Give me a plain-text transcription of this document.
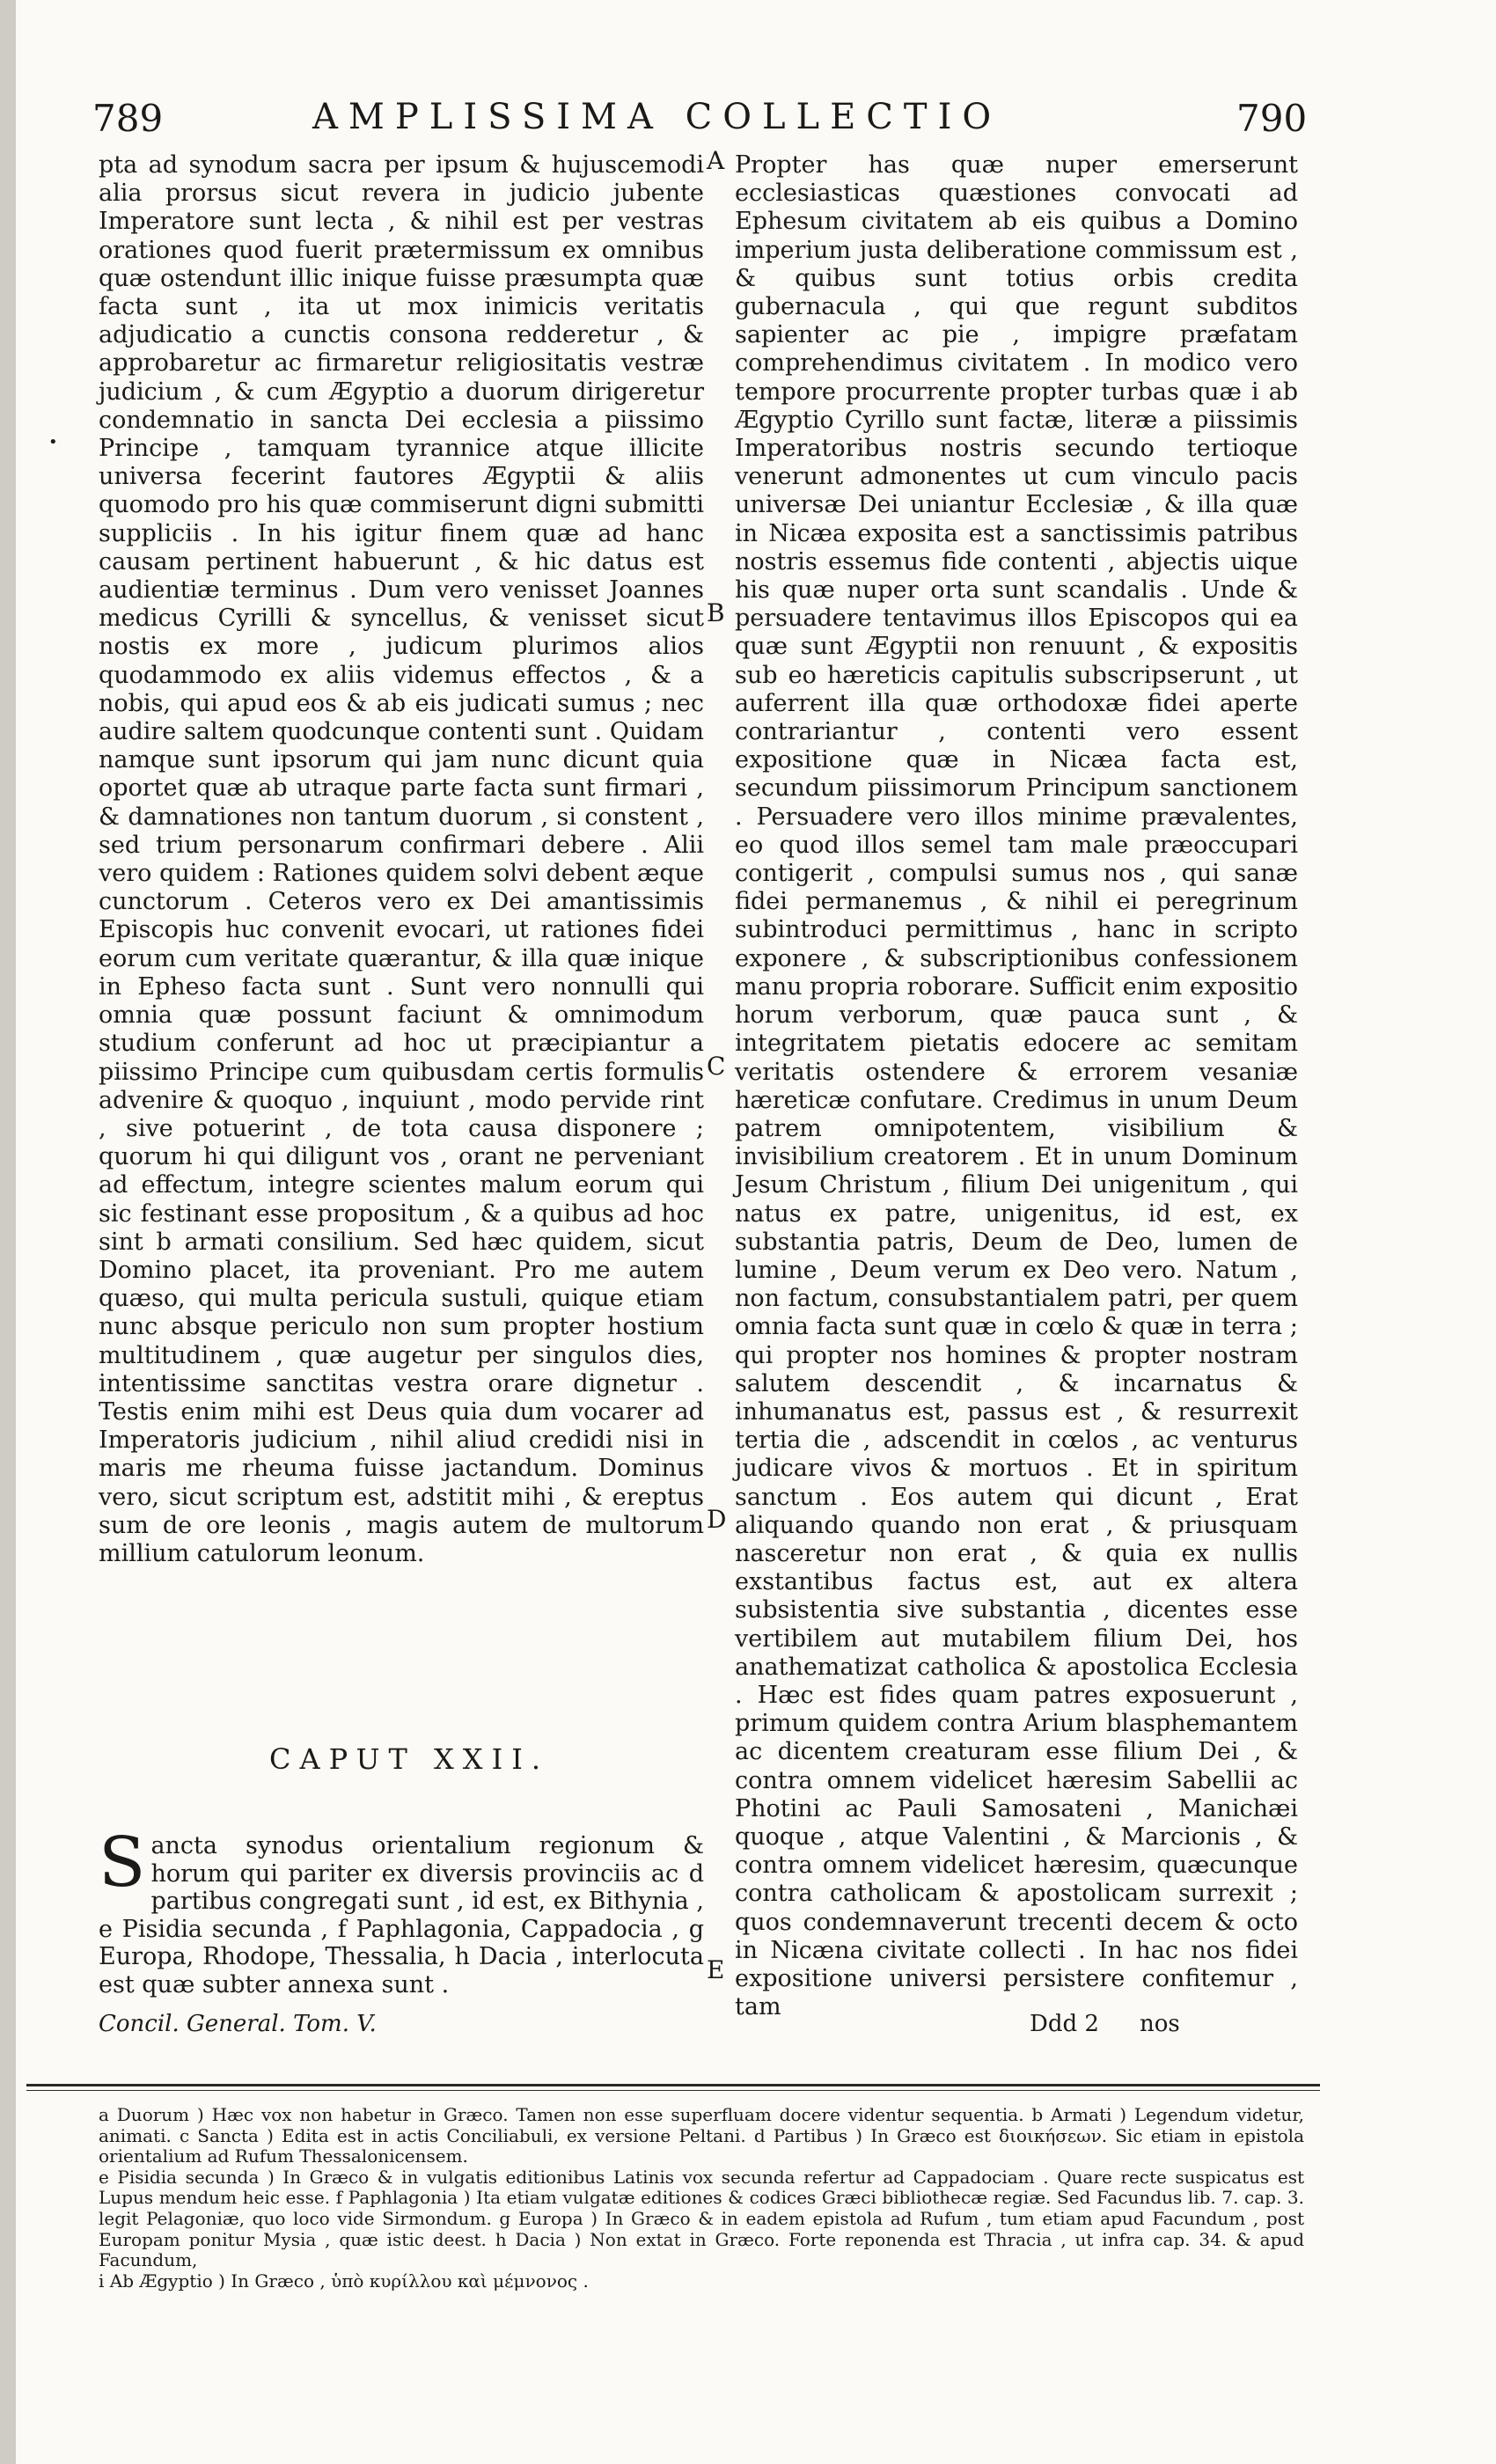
789	AMPLISSIMA COLLECTIO	790
•

pta ad synodum sacra per ipsum & hujuscemodi alia prorsus sicut revera in judicio jubente Imperatore sunt lecta , & nihil est per vestras orationes quod fuerit prætermissum ex omnibus quæ ostendunt illic inique fuisse præsumpta quæ facta sunt , ita ut mox inimicis veritatis adjudicatio a cunctis consona redderetur , & approbaretur ac firmaretur religiositatis vestræ judicium , & cum Ægyptio a duorum dirigeretur condemnatio in sancta Dei ecclesia a piissimo Principe , tamquam tyrannice atque illicite universa fecerint fautores Ægyptii & aliis quomodo pro his quæ commiserunt digni submitti suppliciis . In his igitur finem quæ ad hanc causam pertinent habuerunt , & hic datus est audientiæ terminus . Dum vero venisset Joannes medicus Cyrilli & syncellus, & venisset sicut nostis ex more , judicum plurimos alios quodammodo ex aliis videmus effectos , & a nobis, qui apud eos & ab eis judicati sumus ; nec audire saltem quodcunque contenti sunt . Quidam namque sunt ipsorum qui jam nunc dicunt quia oportet quæ ab utraque parte facta sunt firmari , & damnationes non tantum duorum , si constent , sed trium personarum confirmari debere . Alii vero quidem : Rationes quidem solvi debent æque cunctorum . Ceteros vero ex Dei amantissimis Episcopis huc convenit evocari, ut rationes fidei eorum cum veritate quærantur, & illa quæ inique in Epheso facta sunt . Sunt vero nonnulli qui omnia quæ possunt faciunt & omnimodum studium conferunt ad hoc ut præcipiantur a piissimo Principe cum quibusdam certis formulis advenire & quoquo , inquiunt , modo pervide rint , sive potuerint , de tota causa disponere ; quorum hi qui diligunt vos , orant ne perveniant ad effectum, integre scientes malum eorum qui sic festinant esse propositum , & a quibus ad hoc sint b armati consilium. Sed hæc quidem, sicut Domino placet, ita proveniant. Pro me autem quæso, qui multa pericula sustuli, quique etiam nunc absque periculo non sum propter hostium multitudinem , quæ augetur per singulos dies, intentissime sanctitas vestra orare dignetur . Testis enim mihi est Deus quia dum vocarer ad Imperatoris judicium , nihil aliud credidi nisi in maris me rheuma fuisse jactandum. Dominus vero, sicut scriptum est, adstitit mihi , & ereptus sum de ore leonis , magis autem de multorum millium catulorum leonum.

Propter has quæ nuper emerserunt ecclesiasticas quæstiones convocati ad Ephesum civitatem ab eis quibus a Domino imperium justa deliberatione commissum est , & quibus sunt totius orbis credita gubernacula , qui que regunt subditos sapienter ac pie , impigre præfatam comprehendimus civitatem . In modico vero tempore procurrente propter turbas quæ i ab Ægyptio Cyrillo sunt factæ, literæ a piissimis Imperatoribus nostris secundo tertioque venerunt admonentes ut cum vinculo pacis universæ Dei uniantur Ecclesiæ , & illa quæ in Nicæa exposita est a sanctissimis patribus nostris essemus fide contenti , abjectis uique his quæ nuper orta sunt scandalis . Unde & persuadere tentavimus illos Episcopos qui ea quæ sunt Ægyptii non renuunt , & expositis sub eo hæreticis capitulis subscripserunt , ut auferrent illa quæ orthodoxæ fidei aperte contrariantur , contenti vero essent expositione quæ in Nicæa facta est, secundum piissimorum Principum sanctionem . Persuadere vero illos minime prævalentes, eo quod illos semel tam male præoccupari contigerit , compulsi sumus nos , qui sanæ fidei permanemus , & nihil ei peregrinum subintroduci permittimus , hanc in scripto exponere , & subscriptionibus confessionem manu propria roborare. Sufficit enim expositio horum verborum, quæ pauca sunt , & integritatem pietatis edocere ac semitam veritatis ostendere & errorem vesaniæ hæreticæ confutare. Credimus in unum Deum patrem omnipotentem, visibilium & invisibilium creatorem . Et in unum Dominum Jesum Christum , filium Dei unigenitum , qui natus ex patre, unigenitus, id est, ex substantia patris, Deum de Deo, lumen de lumine , Deum verum ex Deo vero. Natum , non factum, consubstantialem patri, per quem omnia facta sunt quæ in cœlo & quæ in terra ; qui propter nos homines & propter nostram salutem descendit , & incarnatus & inhumanatus est, passus est , & resurrexit tertia die , adscendit in cœlos , ac venturus judicare vivos & mortuos . Et in spiritum sanctum . Eos autem qui dicunt , Erat aliquando quando non erat , & priusquam nasceretur non erat , & quia ex nullis exstantibus factus est, aut ex altera subsistentia sive substantia , dicentes esse vertibilem aut mutabilem filium Dei, hos anathematizat catholica & apostolica Ecclesia . Hæc est fides quam patres exposuerunt , primum quidem contra Arium blasphemantem ac dicentem creaturam esse filium Dei , & contra omnem videlicet hæresim Sabellii ac Photini ac Pauli Samosateni , Manichæi quoque , atque Valentini , & Marcionis , & contra omnem videlicet hæresim, quæcunque contra catholicam & apostolicam surrexit ; quos condemnaverunt trecenti decem & octo in Nicæna civitate collecti . In hac nos fidei expositione universi persistere confitemur , tam

A
B
C
D
E
CAPUT XXII.
Sancta synodus orientalium regionum & horum qui pariter ex diversis provinciis ac d partibus congregati sunt , id est, ex Bithynia , e Pisidia secunda , f Paphlagonia, Cappadocia , g Europa, Rhodope, Thessalia, h Dacia , interlocuta est quæ subter annexa sunt .
Concil. General. Tom. V.	Ddd 2 nos

a Duorum ) Hæc vox non habetur in Græco. Tamen non esse superfluam docere videntur sequentia. b Armati ) Legendum videtur, animati. c Sancta ) Edita est in actis Conciliabuli, ex versione Peltani. d Partibus ) In Græco est διοικήσεων. Sic etiam in epistola orientalium ad Rufum Thessalonicensem.

e Pisidia secunda ) In Græco & in vulgatis editionibus Latinis vox secunda refertur ad Cappadociam . Quare recte suspicatus est Lupus mendum heic esse. f Paphlagonia ) Ita etiam vulgatæ editiones & codices Græci bibliothecæ regiæ. Sed Facundus lib. 7. cap. 3. legit Pelagoniæ, quo loco vide Sirmondum. g Europa ) In Græco & in eadem epistola ad Rufum , tum etiam apud Facundum , post Europam ponitur Mysia , quæ istic deest. h Dacia ) Non extat in Græco. Forte reponenda est Thracia , ut infra cap. 34. & apud Facundum,

i Ab Ægyptio ) In Græco , ὑπὸ κυρίλλου καὶ μέμνονος .
